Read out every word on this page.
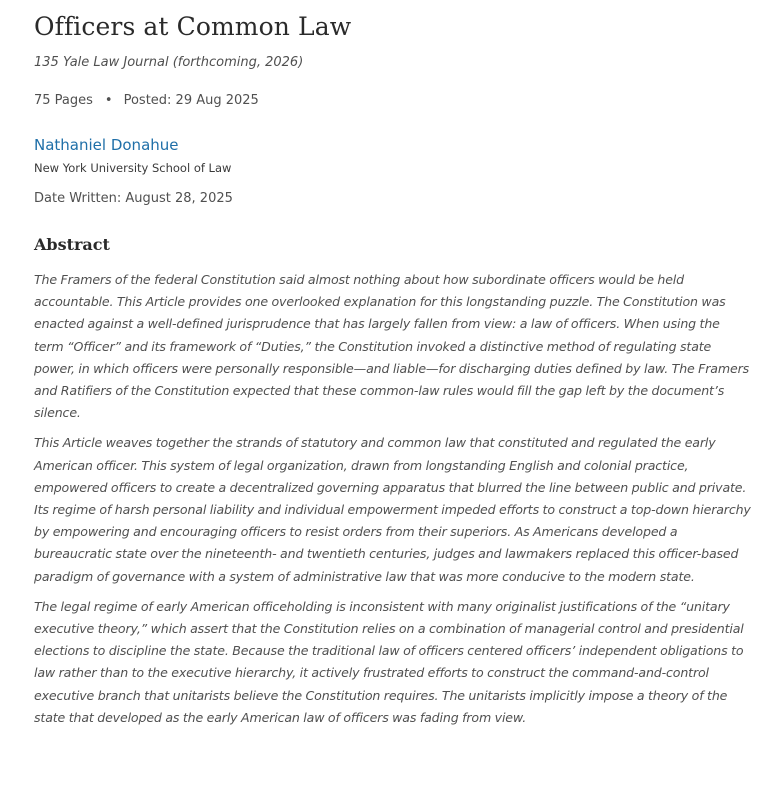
Officers at Common Law
135 Yale Law Journal (forthcoming, 2026)
75 Pages • Posted: 29 Aug 2025
Nathaniel Donahue
New York University School of Law
Date Written: August 28, 2025
Abstract

The Framers of the federal Constitution said almost nothing about how subordinate officers would be held accountable. This Article provides one overlooked explanation for this longstanding puzzle. The Constitution was enacted against a well-defined jurisprudence that has largely fallen from view: a law of officers. When using the term “Officer” and its framework of “Duties,” the Constitution invoked a distinctive method of regulating state power, in which officers were personally responsible—and liable—for discharging duties defined by law. The Framers and Ratifiers of the Constitution expected that these common-law rules would fill the gap left by the document’s silence.

This Article weaves together the strands of statutory and common law that constituted and regulated the early American officer. This system of legal organization, drawn from longstanding English and colonial practice, empowered officers to create a decentralized governing apparatus that blurred the line between public and private. Its regime of harsh personal liability and individual empowerment impeded efforts to construct a top-down hierarchy by empowering and encouraging officers to resist orders from their superiors. As Americans developed a bureaucratic state over the nineteenth- and twentieth centuries, judges and lawmakers replaced this officer-based paradigm of governance with a system of administrative law that was more conducive to the modern state.

The legal regime of early American officeholding is inconsistent with many originalist justifications of the “unitary executive theory,” which assert that the Constitution relies on a combination of managerial control and presidential elections to discipline the state. Because the traditional law of officers centered officers’ independent obligations to law rather than to the executive hierarchy, it actively frustrated efforts to construct the command-and-control executive branch that unitarists believe the Constitution requires. The unitarists implicitly impose a theory of the state that developed as the early American law of officers was fading from view.
